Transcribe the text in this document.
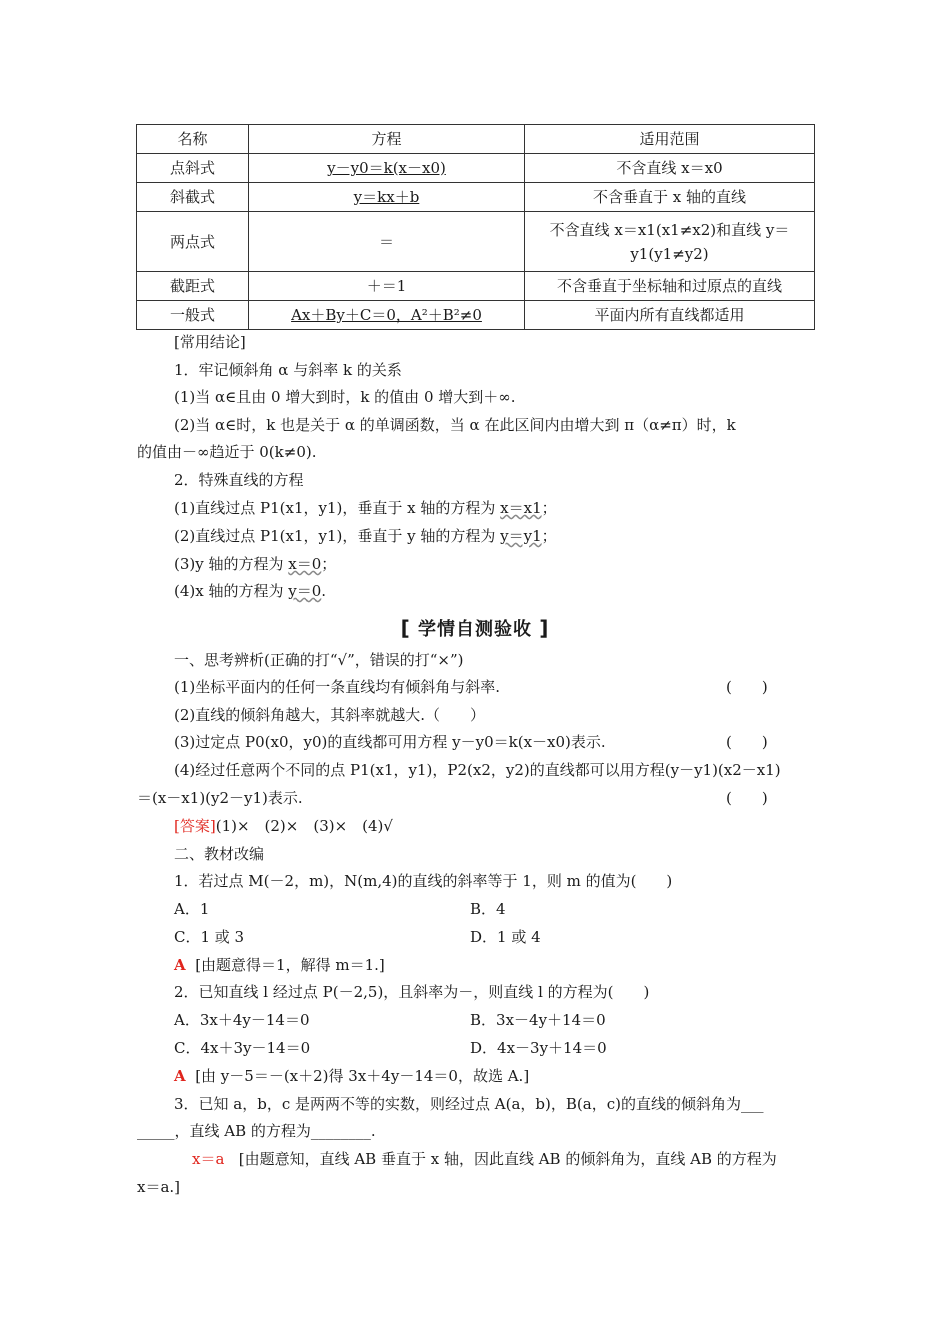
名称	方程	适用范围
点斜式	y－y0＝k(x－x0)	不含直线 x＝x0
斜截式	y＝kx＋b	不含垂直于 x 轴的直线
两点式	＝	不含直线 x＝x1(x1≠x2)和直线 y＝
y1(y1≠y2)

截距式	＋＝1	不含垂直于坐标轴和过原点的直线
一般式	Ax＋By＋C＝0，A²＋B²≠0	平面内所有直线都适用
[常用结论]
1．牢记倾斜角 α 与斜率 k 的关系
(1)当 α∈且由 0 增大到时，k 的值由 0 增大到＋∞.
(2)当 α∈时，k 也是关于 α 的单调函数，当 α 在此区间内由增大到 π（α≠π）时，k
的值由－∞趋近于 0(k≠0).
2．特殊直线的方程
(1)直线过点 P1(x1，y1)，垂直于 x 轴的方程为 x＝x1；
(2)直线过点 P1(x1，y1)，垂直于 y 轴的方程为 y＝y1；
(3)y 轴的方程为 x＝0；
(4)x 轴的方程为 y＝0.
[ 学情自测验收 ]
一、思考辨析(正确的打“√”，错误的打“×”)
(1)坐标平面内的任何一条直线均有倾斜角与斜率.	(　　)
(2)直线的倾斜角越大，其斜率就越大.（　　）
(3)过定点 P0(x0，y0)的直线都可用方程 y－y0＝k(x－x0)表示.	(　　)
(4)经过任意两个不同的点 P1(x1，y1)，P2(x2，y2)的直线都可以用方程(y－y1)(x2－x1)
＝(x－x1)(y2－y1)表示.	(　　)
[答案](1)×　(2)×　(3)×　(4)√
二、教材改编
1．若过点 M(－2，m)，N(m,4)的直线的斜率等于 1，则 m 的值为(　　)
A．1	B．4
C．1 或 3	D．1 或 4
A [由题意得＝1，解得 m＝1.]
2．已知直线 l 经过点 P(－2,5)，且斜率为－，则直线 l 的方程为(　　)
A．3x＋4y－14＝0	B．3x－4y＋14＝0
C．4x＋3y－14＝0	D．4x－3y＋14＝0
A [由 y－5＝－(x＋2)得 3x＋4y－14＝0，故选 A.]
3．已知 a，b，c 是两两不等的实数，则经过点 A(a，b)，B(a，c)的直线的倾斜角为___
_____，直线 AB 的方程为________.
x＝a [由题意知，直线 AB 垂直于 x 轴，因此直线 AB 的倾斜角为，直线 AB 的方程为
x＝a.]
